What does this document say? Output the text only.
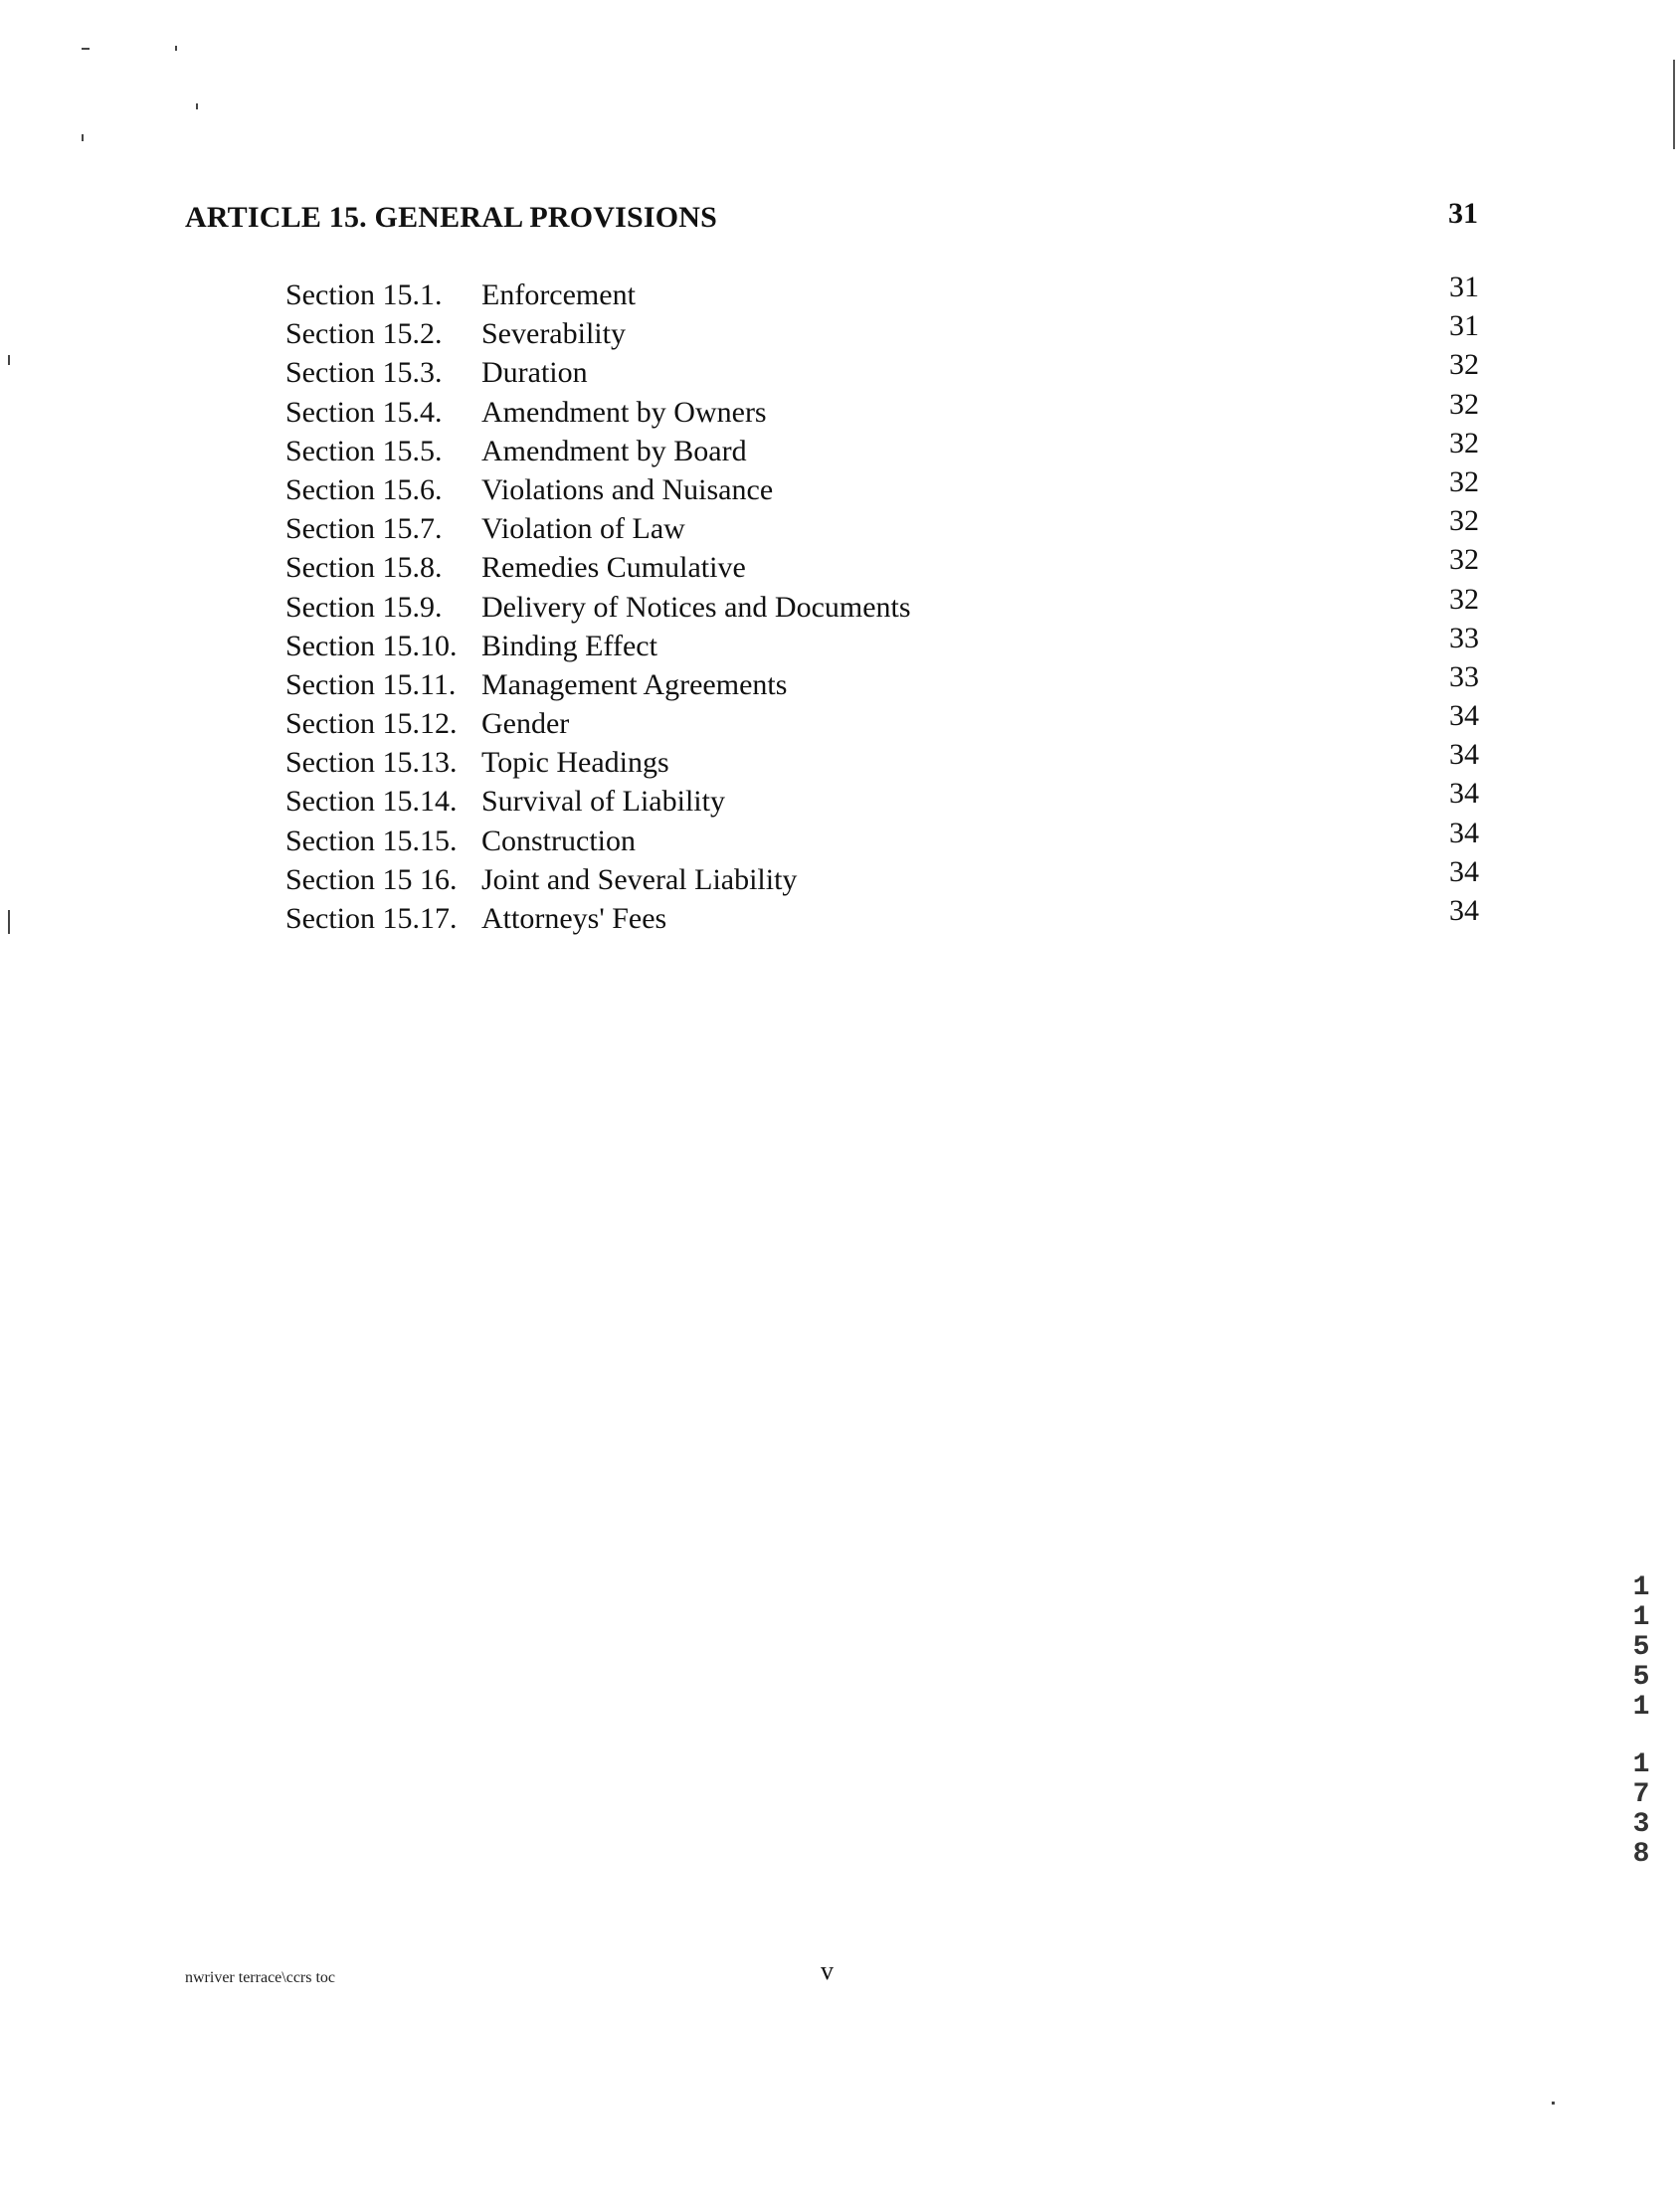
ARTICLE 15. GENERAL PROVISIONS	31
Section 15.1. Enforcement	31
Section 15.2. Severability	31
Section 15.3. Duration	32
Section 15.4. Amendment by Owners	32
Section 15.5. Amendment by Board	32
Section 15.6. Violations and Nuisance	32
Section 15.7. Violation of Law	32
Section 15.8. Remedies Cumulative	32
Section 15.9. Delivery of Notices and Documents	32
Section 15.10. Binding Effect	33
Section 15.11. Management Agreements	33
Section 15.12. Gender	34
Section 15.13. Topic Headings	34
Section 15.14. Survival of Liability	34
Section 15.15. Construction	34
Section 15 16. Joint and Several Liability	34
Section 15.17. Attorneys' Fees	34
nwriver terrace\ccrs toc	v
1
1
5
5
1
1
7
3
8
